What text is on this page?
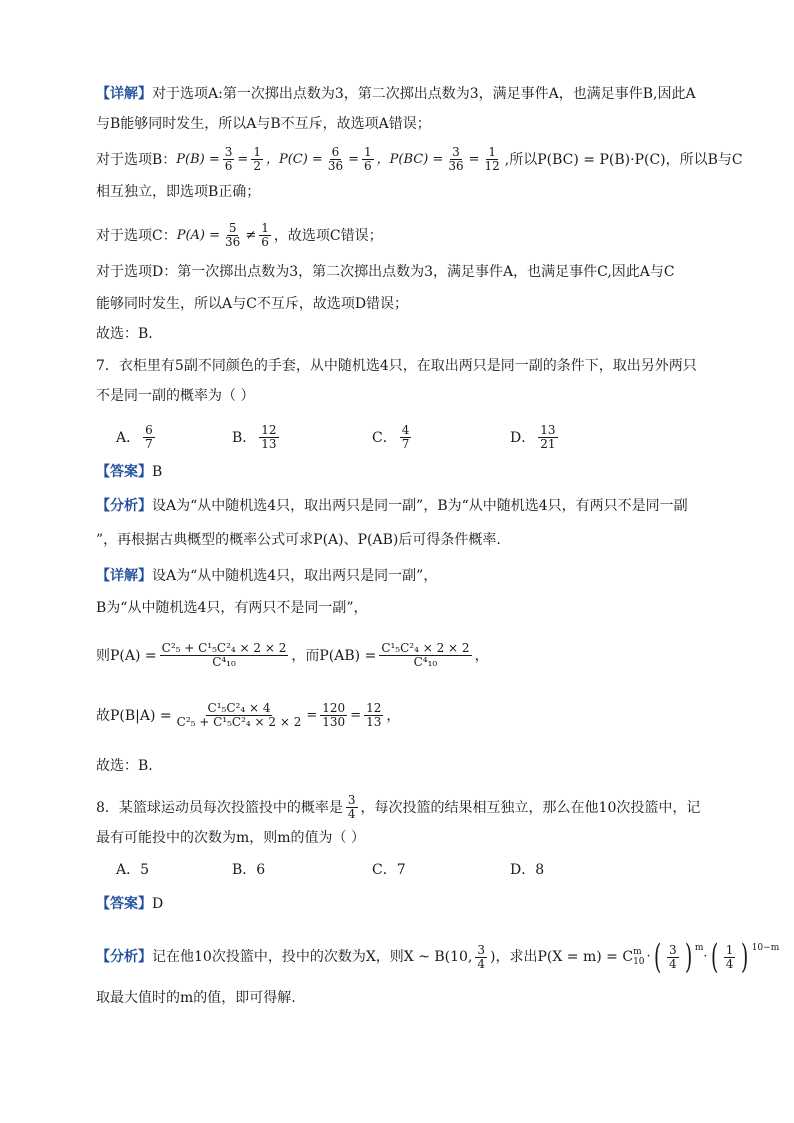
【详解】 对于选项A:第一次掷出点数为3，第二次掷出点数为3，满足事件A，也满足事件B,因此A
与B能够同时发生，所以A与B不互斥，故选项A错误；
对于选项B： $P(B) = \frac{3}{6} = \frac{1}{2}$ ，$P(C) = \frac{6}{36} = \frac{1}{6}$ ，$P(BC) = \frac{3}{36} = \frac{1}{12}$ ,所以P(BC) = P(B)·P(C)，所以B与C
相互独立，即选项B正确；
对于选项C： $P(A) = \frac{5}{36} \ne \frac{1}{6}$ ，故选项C错误；
对于选项D：第一次掷出点数为3，第二次掷出点数为3，满足事件A，也满足事件C,因此A与C
能够同时发生，所以A与C不互斥，故选项D错误；
故选：B.
7．衣柜里有5副不同颜色的手套，从中随机选4只，在取出两只是同一副的条件下，取出另外两只
不是同一副的概率为（ ）
A． $\frac{6}{7}$	B． $\frac{12}{13}$	C． $\frac{4}{7}$	D． $\frac{13}{21}$
【答案】 B
【分析】 设A为“从中随机选4只，取出两只是同一副”，B为“从中随机选4只，有两只不是同一副
”，再根据古典概型的概率公式可求P(A)、P(AB)后可得条件概率.
【详解】 设A为“从中随机选4只，取出两只是同一副”，
B为“从中随机选4只，有两只不是同一副”，
则$P(A) = \frac{\text{C²₅ + C¹₅C²₄ × 2 × 2}}{\text{C⁴₁₀}}$ ，而$P(AB) = \frac{\text{C¹₅C²₄ × 2 × 2}}{\text{C⁴₁₀}}$ ，
故$P(B|A) = \frac{\text{C¹₅C²₄ × 4}}{\text{C²₅ + C¹₅C²₄ × 2 × 2}} = \frac{120}{130} = \frac{12}{13}$ ，
故选：B.
8．某篮球运动员每次投篮投中的概率是 $\frac{3}{4}$ ，每次投篮的结果相互独立，那么在他10次投篮中，记
最有可能投中的次数为m，则m的值为（ ）
A．5	B．6	C．7	D．8
【答案】 D
【分析】 记在他10次投篮中，投中的次数为X，则X ~ B(10, $\frac{3}{4}$ )，求出P(X = m) = C m
10 · ( $\frac{3}{4}$ ) m
· ( $\frac{1}{4}$ ) 10−m
取最大值时的m的值，即可得解.
